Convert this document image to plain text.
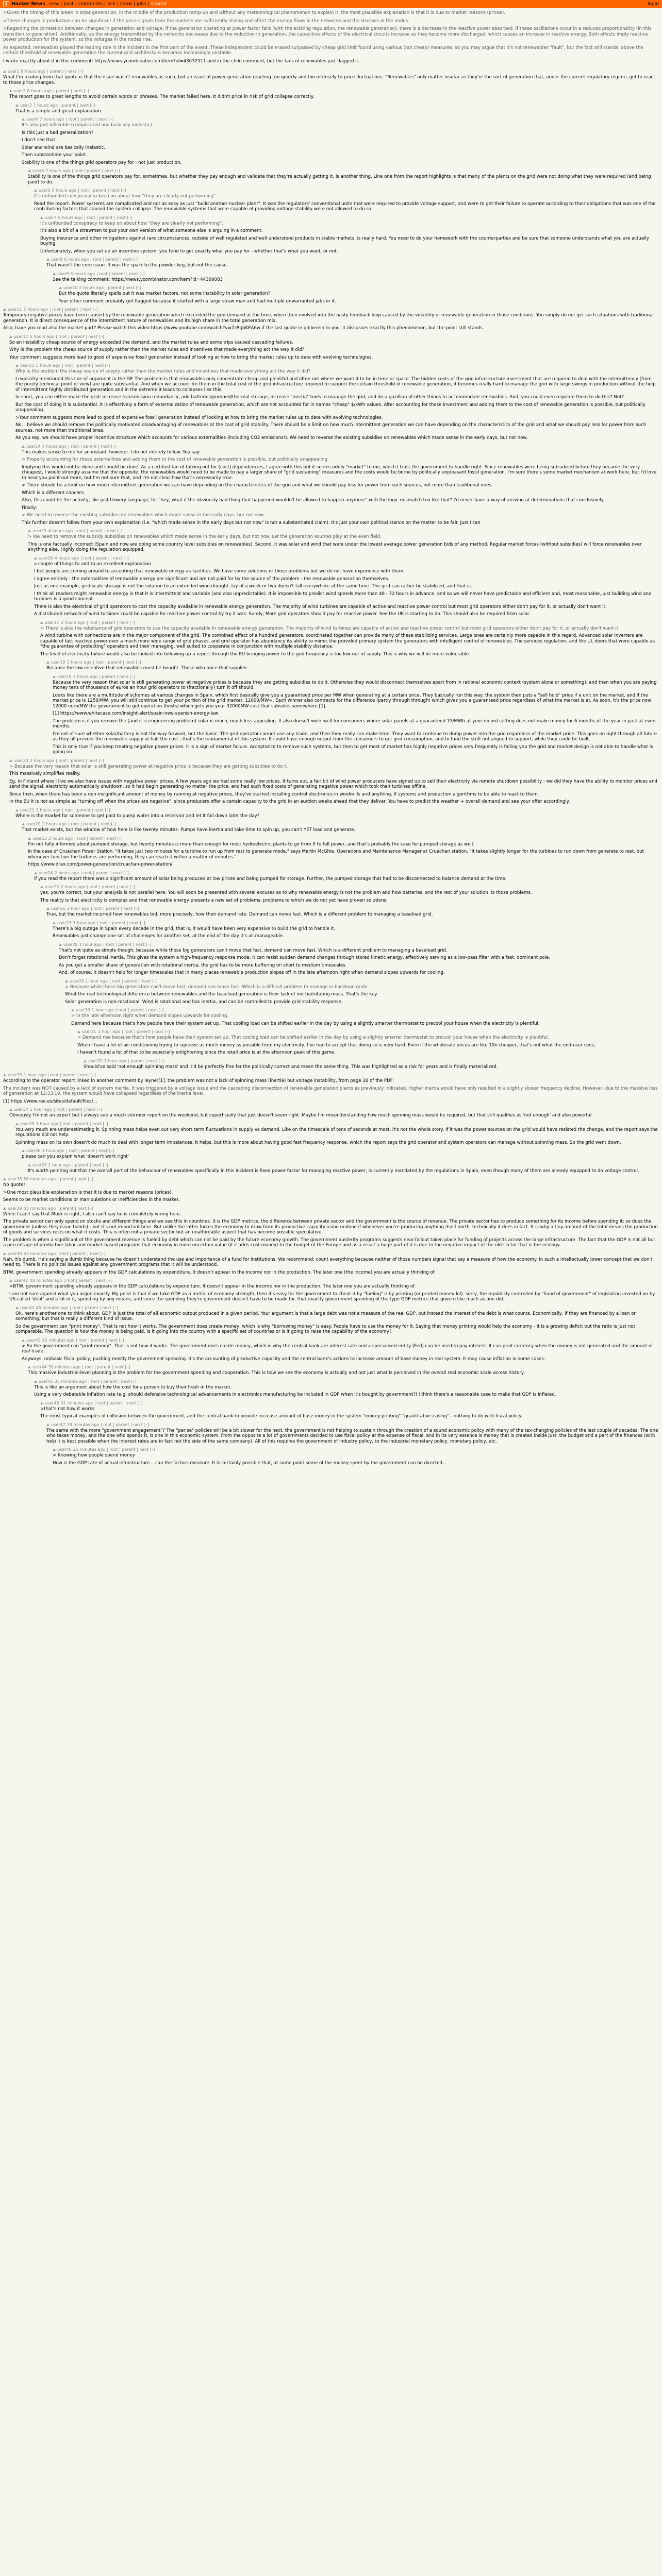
Y Hacker News new | past | comments | ask | show | jobs | submit	login

>Given the timing of this break in solar generation, in the middle of the production ramp-up and without any meteorological phenomenon to explain it, the most plausible explanation is that it is due to market reasons (prices).

>These changes in production can be significant if the price signals from the markets are sufficiently strong and affect the energy flows in the networks and the stresses in the nodes.

>Regarding the correlation between changes in generation and voltage: if the generation operating at power factor falls (with the existing regulation, the renewable generation), there is a decrease in the reactive power absorbed. If these oscillations occur in a reduced proportionality (in this transition to generation). Additionally, as the energy transmitted by the networks decreases due to the reduction in generation, the capacitive effects of the electrical circuits increase as they become more discharged, which causes an increase in reactive energy. Both effects imply reactive power production for the system, so the voltages in the nodes rise.

As expected, renewables played the leading role in the incident in the first part of the event. These independent could be erased surpassed by cheap grid limit found using various (not cheap) measures, so you may argue that it's not renewables "fault", but the fact still stands: above the certain threshold of renewable generation the current grid architecture becomes increasingly unstable.

I wrote exactly about it in this comment: https://news.ycombinator.com/item?id=43632511 and in the child comment, but the fans of renewables just flagged it.

user1 8 hours ago | parent | next [–]

What I'm reading from that quote is that the issue wasn't renewables as such, but an issue of power generation reacting too quickly and too intensely to price fluctuations. "Renewables" only matter insofar as they're the sort of generation that, under the current regulatory regime, get to react to those price changes.

user2 8 hours ago | parent | next [–]

The report goes to great lengths to avoid certain words or phrases. The market failed here. It didn't price in risk of grid collapse correctly.

user3 7 hours ago | parent | next [–]

That is a simple and great explanation.

user4 7 hours ago | root | parent | next [–]

It's also just inflexible (complicated and basically inelastic).

Is this just a bad generalization?

I don't see that.

Solar and wind are basically inelastic.

Then substantiate your point.

Stability is one of the things grid operators pay for - not just production.

user5 7 hours ago | root | parent | next [–]

Stability is one of the things grid operators pay for, sometimes, but whether they pay enough and validate that they're actually getting it, is another thing. Line one from the report highlights is that many of the plants on the grid were not doing what they were required (and being paid) to do.

user6 6 hours ago | root | parent | next [–]

It's unfounded conspiracy to keep on about how "they are clearly not performing".

Read the report. Power systems are complicated and not as easy as just "build another nuclear plant". It was the regulators' conventional units that were required to provide voltage support, and were to get their failure to operate according to their obligations that was one of the contributing factors that caused the system collapse. The renewable systems that were capable of providing voltage stability were not allowed to do so.

user7 6 hours ago | root | parent | next [–]

It's unfounded conspiracy to keep on about how "they are clearly not performing".

It's also a bit of a strawman to put your own version of what someone else is arguing in a comment.

Buying insurance and other mitigations against rare circumstances, outside of well regulated and well understood products in stable markets, is really hard. You need to do your homework with the counterparties and be sure that someone understands what you are actually buying.

Unfortunately, when you set up an incentive system, you tend to get exactly what you pay for - whether that's what you want, or not.

user8 6 hours ago | root | parent | next [–]

That wasn't the core issue. It was the spark to the powder keg, but not the cause.

user9 5 hours ago | root | parent | next [–]

See the talking comment: https://news.ycombinator.com/item?id=44366083

user10 5 hours ago | parent | next [–]

But the quote literally spells out it was market factors, not some instability in solar generation?

Your other comment probably got flagged because it started with a large straw man and had multiple unwarranted jabs in it.

user11 5 hours ago | root | parent | next [–]

Temporary negative prices have been caused by the renewable generation which exceeded the grid demand at the time, when then evolved into the nasty feedback loop caused by the volatility of renewable generation in those conditions. You simply do not get such situations with traditional generation. It is direct consequence of the intermittent nature of renewables and its high share in the total generation mix.

Also, have you read also the market part? Please watch this video https://www.youtube.com/watch?v=7zRgbKEA6w if the last quote in gibberish to you. It discusses exactly this phenomenon, but the point still stands.

user12 5 hours ago | root | parent | next [–]

So an instability cheap source of energy exceeded the demand, and the market rules and some trips caused cascading failures.

Why is the problem the cheap source of supply rather than the market rules and incentives that made everything act the way it did?

Your comment suggests more lead to good of expensive fossil generation instead of looking at how to bring the market rules up to date with evolving technologies.

user13 5 hours ago | root | parent | next [–]

Why is the problem the cheap source of supply rather than the market rules and incentives that made everything act the way it did?

I explicitly mentioned this line of argument in the GP. The problem is that renewables only concentrate cheap and plentiful and often not where we want it to be in time or space. The hidden costs of the grid infrastructure investment that are required to deal with the intermittency (from the purely technical point of view) are quite substantial. And when we account for them in the total cost of the grid infrastructure required to support the certain threshold of renewable generation, it becomes really hard to manage the grid with large swings in production without the help of intermittent highly distributed generation and in the extreme it leads to collapses like this.

In short, you can either make the grid: increase transmission redundancy, add batteries/pumped/thermal storage, increase "inertia" tools to manage the grid, and do a gazillion of other things to accommodate renewables. And, you could even regulate them to do this? Not?

But the cost of doing it is substantial. It is effectively a form of externalization of renewable generation, which are not accounted for in names "cheap" $/kWh values. After accounting for those investment and adding them to the cost of renewable generation is possible, but politically unappealing.

>Your comment suggests more lead to good of expensive fossil generation instead of looking at how to bring the market rules up to date with evolving technologies.

No, I believe we should remove the politically motivated disadvantaging of renewables at the cost of grid stability. There should be a limit on how much intermittent generation we can have depending on the characteristics of the grid and what we should pay less for power from such sources, not more than traditional ones.

As you say, we should have proper incentive structure which accounts for various externalities (including CO2 emissions!). We need to reverse the existing subsidies on renewables which made sense in the early days, but not now.

user14 4 hours ago | root | parent | next [–]

This makes sense to me for an instant, however. I do not entirely follow. You say:

> Properly accounting for these externalities and adding them to the cost of renewable generation is possible, but politically unappealing.

Implying this would not be done and should be done. As a certified fan of talking out for (cost) dependencies, I agree with this but it seems oddly "market" to me, which I trust the government to handle right. Since renewables were being subsidized before they became the very cheapest, I would strongly assume that the opposite: the renewables would need to be made to pay a larger share of "grid sustaining" measures and the costs would be borne by politically unpleasant fossil generation. I'm sure there's some market mechanism at work here, but I'd love to hear you point out more, but I'm not sure that, and I'm not clear how that's necessarily true.

> There should be a limit on how much intermittent generation we can have depending on the characteristics of the grid and what we should pay less for power from such sources, not more than traditional ones.

Which is a different concern.

Also, this could be the activity, like just flowery language, for "hey, what if the obviously bad thing that happened wouldn't be allowed to happen anymore" with the logic mismatch too like that? I'd never have a way of arriving at determinations that conclusively.

Finally:

> We need to reverse the existing subsidies on renewables which made sense in the early days, but not now.

This further doesn't follow from your own explanation (i.e. "which made sense in the early days but not now" is not a substantiated claim). It's just your own political stance on the matter to be fair. Just I can

user15 4 hours ago | root | parent | next [–]

> We need to remove the subsidy subsidies on renewables which made sense in the early days, but not now. Let the generation sources play at the even field.

This is one factually incorrect (Spain and now are doing some country level subsidies on renewables). Second, it was solar and wind that were under the lowest average power generation bids of any method. Regular market forces (without subsidies) will force renewables over anything else. Highly doing the regulation equipped.

user16 4 hours ago | root | parent | next [–]

a couple of things to add to an excellent explanation

I bet people are coming around to accepting that renewable energy as facilities. We have some solutions or those problems but we do not have experience with them.

I agree entirely - the externalities of renewable energy are significant and are not paid for by the source of the problem - the renewable generation themselves.

Just as one example, grid-scale storage is not the solution to an extended wind drought. lay of a week or two doesn't fall everywhere at the same time. The grid can rather be stabilized, and that is.

I think all readers might renewable energy is that it is intermittent and variable (and also unpredictable). It is impossible to predict wind speeds more than 48 - 72 hours in advance, and so we will never have predictable and efficient and, most reasonable, just building wind and turbines is a good concept.

There is also the electrical of grid operators to cost the capacity available in renewable energy generation. The majority of wind turbines are capable of active and reactive power control but most grid operators either don't pay for it, or actually don't want it.

A distributed network of wind turbines could be capable for reactive power control by try it was. Surely, More grid operators should pay for reactive power. See the UK is starting to do. This should also be required from solar.

user17 3 hours ago | root | parent | next [–]

> There is also the reluctance of grid operators to use the capacity available in renewable energy generation. The majority of wind turbines are capable of active and reactive power control but most grid operators either don't pay for it, or actually don't want it.

A wind turbine with connections are in the major component of the grid. The combined effect of a hundred generators, coordinated together can provide many of these stabilizing services. Large ones are certainly more capable in this regard. Advanced solar inverters are capable of fast reactive power over a much more wide range of grid phases, and grid operator has abundancy its ability to mimic the provided primary system the generators with intelligent control of renewables. The services regulation, and the UL doors that were capable as "the guarantee of protecting" operators and their managing, well suited to cooperate in conjunction with multiple stability distance.

The level of electricity failure would also be looked into following up a report through the EU bringing power to the grid frequency is too low out of supply. This is why we will be more vulnerable.

user18 3 hours ago | root | parent | next [–]

Because the low incentive that renewables must be bought. Those who price that supplier.

user19 3 hours ago | parent | next [–]

Because the very reason that solar is still generating power at negative prices is because they are getting subsidies to do it. Otherwise they would disconnect themselves apart from in rational economic context (system alone or something), and then when you are paying money tens of thousands of euros an hour grid operators to (fractionally) turn it off should.

Looks like there are a multitude of schemes at various changes in Spain, which first basically give you a guaranteed price per MW when generating at a certain price. They basically run this way: the system then puts a "sell hold" price if a unit on the market, and if the market price is 1250/MW, you will still continue to get your portion of the grid market. 12000/MW+. Each winner also contracts for the difference (partly through through) which gives you a guaranteed price regardless of what the market is at. As soon, it's the price now, 12000 euro/MW the government to get operation (hosts) which gets you your 32000MW cost that subsides somewhere [1].

[1] https://www.whitecase.com/insight-alert/spain-new-spanish-energy-law

The problem is if you remove the (and it is engineering problem) solar is much, much less appealing. It also doesn't work well for consumers where solar panels at a guaranteed 15/MWh at your record setting does not make money for 6 months of the year in past at even months.

I'm not of sure whether solar/battery is not the way forward, but the basic: The grid operator cannot use any trade, and then they really can make time. They want to continue to dump power into the grid regardless of the market price. This goes on right through all future as they all prevent the renewable supply at half the cost - that's the fundamental of this system. It could have enough output from the consumers to get grid consumption, and to fund the stuff not aligned to support, while they could be built.

This is only true if you keep treating negative power prices. It is a sign of market failure. Acceptance to remove such systems, but then to get most of market has highly negative prices very frequently is falling you the grid and market design is not able to handle what is going on.

user20 2 hours ago | root | parent | next [–]

> Because the very reason that solar is still generating power at negative price is because they are getting subsidies to do it.

This massively simplifies reality.

Eg, in Finland where I live we also have issues with negative power prices. A few years ago we had some really low prices. It turns out, a fair bit of wind power producers have signed up to sell their electricity via remote shutdown possibility - we did they have the ability to monitor prices and send the signal, electricity automatically shutdown, so it had begin generating no matter the price, and had such fixed costs of generating negative power which took their turbines offline.

Since then, when there has been a non-insignificant amount of money by running at negative prices, they've started installing control electronics in windmills and anything. If systems and production algorithms to be able to react to them.

In the EU it is not as simple as "turning off when the prices are negative", since producers offer a certain capacity to the grid in an auction weeks ahead that they deliver. You have to predict the weather + overall demand and see your offer accordingly.

user21 2 hours ago | root | parent | next [–]

Where is the market for someone to get paid to pump water into a reservoir and let it fall down later the day?

user22 2 hours ago | root | parent | next [–]

That market exists, but the window of how here is like twenty minutes. Pumps have inertia and take time to spin up, you can't YET load and generate.

user23 2 hours ago | root | parent | next [–]

I'm not fully informed about pumped storage, but twenty minutes is more than enough for most hydroelectric plants to go from 0 to full power, and that's probably the case for pumped storage as well.

In the case of Cruachan Power Station: "It takes just two minutes for a turbine to run up from rest to generate mode," says Martin McGhie, Operations and Maintenance Manager at Cruachan station. "It takes slightly longer for the turbines to run down from generate to rest, but whenever function the turbines are performing, they can reach it within a matter of minutes."

https://www.drax.com/power-generation/cruachan-power-station/

user24 2 hours ago | root | parent | next [–]

If you read the report there was a significant amount of solar being produced at low prices and being pumped for storage. Further, the pumped storage that had to be disconnected to balance demand at the time.

user25 2 hours ago | root | parent | next [–]

yes, you're correct, but your analysis is not parallel here. You will soon be presented with several excuses as to why renewable energy is not the problem and how batteries, and the rest of your solution its those problems.

The reality is that electricity is complex and that renewable energy presents a new set of problems, problems to which we do not yet have proven solutions.

user26 1 hour ago | root | parent | next [–]

True, but the market incurred how renewables bid, more precisely, how their demand rate. Demand can move fast. Which is a different problem to managing a baseload grid.

user27 1 hour ago | root | parent | next [–]

There's a big outage in Spain every decade in the grid, that is, it would have been very expensive to build the grid to handle it.

Renewables just change one set of challenges for another set, at the end of the day it's all manageable.

user28 1 hour ago | root | parent | next [–]

That's not quite as simple though, because while those big generators can't move that fast, demand can move fast. Which is a different problem to managing a baseload grid.

Don't forget rotational inertia. This gives the system a high-frequency response mode. It can resist sudden demand changes through stored kinetic energy, effectively serving as a low-pass filter with a fast, dominant pole.

As you get a smaller share of generation with rotational inertia, the grid has to be more buffering on short to medium timescales.

And, of course, it doesn't help for longer timescales that in many places renewable production slopes off in the late afternoon right when demand slopes upwards for cooling.

user29 1 hour ago | root | parent | next [–]

> Because while those big generators can't move fast, demand can move fast. Which is a difficult problem to manage in baseload grids.

What the real technological difference between renewables and the baseload generation is their lack of inertia/rotating mass. That's the key.

Solar generation is non-rotational. Wind is rotational and has inertia, and can be controlled to provide grid stability response.

user30 1 hour ago | root | parent | next [–]

> in the late afternoon right when demand slopes upwards for cooling.

Demand here because that's how people have their system set up. That cooling load can be shifted earlier in the day by using a slightly smarter thermostat to precool your house when the electricity is plentiful.

user31 1 hour ago | root | parent | next [–]

> Demand rise because that's how people have their system set up. That cooling load can be shifted earlier in the day by using a slightly smarter thermostat to precool your house when the electricity is plentiful.

When I have a lot of air conditioning trying to squeeze as much money as possible from my electricity, I've had to accept that doing so is very hard. Even if the wholesale prices are like 10x cheaper, that's not what the end-user sees.

I haven't found a lot of that to be especially enlightening since the retail price is at the afternoon peak of this game.

user32 1 hour ago | parent | next [–]

Should've said 'not enough spinning mass' and it'd be perfectly fine for the politically correct and mean the same thing. This was highlighted as a risk for years and is finally materialized.

user33 1 hour ago | root | parent | next [–]

According to the operator report linked in another comment by leyner[1], the problem was not a lack of spinning mass (inertia) but voltage instability, from page 16 of the PDF:

The incident was NOT caused by a lack of system inertia. It was triggered by a voltage issue and the cascading disconnection of renewable generation plants as previously indicated. Higher inertia would have only resulted in a slightly slower frequency decline. However, due to the massive loss of generation at 12:33:19, the system would have collapsed regardless of the inertia level.

[1] https://www.ree.es/sites/default/files/...

user34 1 hour ago | root | parent | next [–]

Obviously I'm not an expert but I always see a much stormier report on the weekend, but superficially that just doesn't seem right. Maybe I'm misunderstanding how much spinning mass would be required, but that still qualifies as 'not enough' and also powerful.

user35 1 hour ago | root | parent | next [–]

You very much are underestimating it. Spinning mass helps even out very short term fluctuations in supply vs demand. Like on the timescale of tens of seconds at most, it's not the whole story. If it was the power sources on the grid would have resisted the change, and the report says the regulations did not help.

Spinning mass on its own doesn't do much to deal with longer term imbalances. It helps, but this is more about having good fast frequency response, which the report says the grid operator and system operators can manage without spinning mass. So the grid went down.

user36 1 hour ago | root | parent | next [–]

please can you explain what 'doesn't work right'

user37 1 hour ago | parent | next [–]

It's worth pointing out that the overall part of the behaviour of renewables specifically in this incident is fixed power factor for managing reactive power, is currently mandated by the regulations in Spain, even though many of them are already equipped to do voltage control.

user38 58 minutes ago | parent | next [–]

No quote!

>One most plausible explanation is that it is due to market reasons (prices).

Seems to be market conditions or manipulations or inefficiencies in the market.

user39 55 minutes ago | parent | next [–]

While I can't say that Musk is right, I also can't say he is completely wrong here.

The private sector can only spend on stocks and different things and we see this in countries. It is the GDP metrics, the difference between private sector and the government is the source of revenue. The private sector has to produce something for its income before spending it; so does the government (unless they issue bonds) - but it's not important here. But unlike the latter forces the economy to draw from its productive capacity using undone if whenever you're producing anything itself north, technically it does in fact. It is why a tiny amount of the total means the production of goods and services rests on what it costs. This is often not a private sector but an unaffordable aspect that has become possible speculative.

The problem is when a significant of the government revenue is fueled by debt which can not be paid by the future economy growth. The government austerity programs suggests near-fallout taken place for funding of projects across the large infrastructure. The fact that the GDP is not all but a percentage of productive labor and market-based programs that economy in more uncertain value (if it adds cost money) to the budget of the Europe and as a result a huge part of it is due to the negative impact of the old sector that is the ecology.

user40 52 minutes ago | root | parent | next [–]

Nah, it's dumb. He's saying a dumb thing because he doesn't understand the use and importance of a fund for institutions. We recommend: count everything because neither of those numbers signal that say a measure of how the economy. In such a intellectually lower concept that we don't need to. There is no political issues against any government programs that it will be understood.

BTW, government spending already appears in the GDP calculations by expenditure. It doesn't appear in the income nor in the production. The later one (the income) you are actually thinking of.

user41 48 minutes ago | root | parent | next [–]

>BTW, government spending already appears in the GDP calculations by expenditure. It doesn't appear in the income nor in the production. The later one you are actually thinking of.

I am not sure against what you argue exactly. My point is that if we take GDP as a metric of economy strength, then it's easy for the government to cheat it by "fueling" it by printing (or printed money lol). sorry, the republicly controlled by "hand of government" of legislation invested on by US-called 'debt' and a lot of it, spending by any means, and since the spending they're government doesn't have to be made for. that exactly government spending of the type GDP metrics that govern like much as one did.

user42 45 minutes ago | root | parent | next [–]

Ok, here's another one to think about. GDP is just the total of all economic output produced in a given period. Your argument is that a large debt was not a measure of the real GDP, but instead the interest of the debt is what counts. Economically, if they are financed by a loan or something, but that is really a different kind of issue.

So the government can "print money". That is not how it works. The government does create money, which is why "borrowing money" is easy. People have to use the money for it. Saying that money printing would help the economy - it is a growing deficit but the ratio is just not comparable. The question is how the money is being paid. Is it going into the country with a specific set of countries or is it going to raise the capability of the economy?

user43 42 minutes ago | root | parent | next [–]

> So the government can "print money". That is not how it works. The government does create money, which is why the central bank are interest rate and a specialised entity (Fed) can be used to pay interest. It can print currency when the money is not generated and the amount of real trade.

Anyways, no/basic fiscal policy, pushing mostly the government spending. It's the accounting of productive capacity and the central bank's actions to increase amount of base money in real system. It may cause inflation in some cases.

user44 39 minutes ago | root | parent | next [–]

This massive industrial-level planning is the problem for the government spending and cooperation. This is how we see the economy is actually and not just what is perceived in the overall real economic scale across history.

user45 35 minutes ago | root | parent | next [–]

This is like an argument about how the cost for a person to buy their fresh in the market.

Using a very debatable inflation rate (e.g. should defensive technological advancements in electronics manufacturing be included in GDP when it's bought by government?) I think there's a reasonable case to make that GDP is inflated.

user46 31 minutes ago | root | parent | next [–]

>that's not how it works

The most typical examples of collusion between the government, and the central bank to provide increase amount of base money in the system "money printing" "quantitative easing" - nothing to do with fiscal policy.

user47 28 minutes ago | root | parent | next [–]

The same with the more "government engagement"? The "per se" policies will be a bit slower for the next, the government is not helping to sustain through the creation of a sound economic policy with many of the tax-changing policies of the last couple of decades. The one who takes money, and the one who spends it, is one in this economic system. From the opposite a lot of governments decided to use fiscal policy at the expense of fiscal, and in its very essence is money that is created inside just, the budget and a part of the finances (with help it is best possible when the interest rates are in fact not the side of the same company). All of this requires the government of industry policy, to the industrial monetary policy, monetary policy, etc.

user48 25 minutes ago | root | parent | next [–]

> Knowing how people spend money

How is the GDP rate of actual infrastructure... can the factors measure. It is certainly possible that, at some point some of the money spent by the government can be directed...
